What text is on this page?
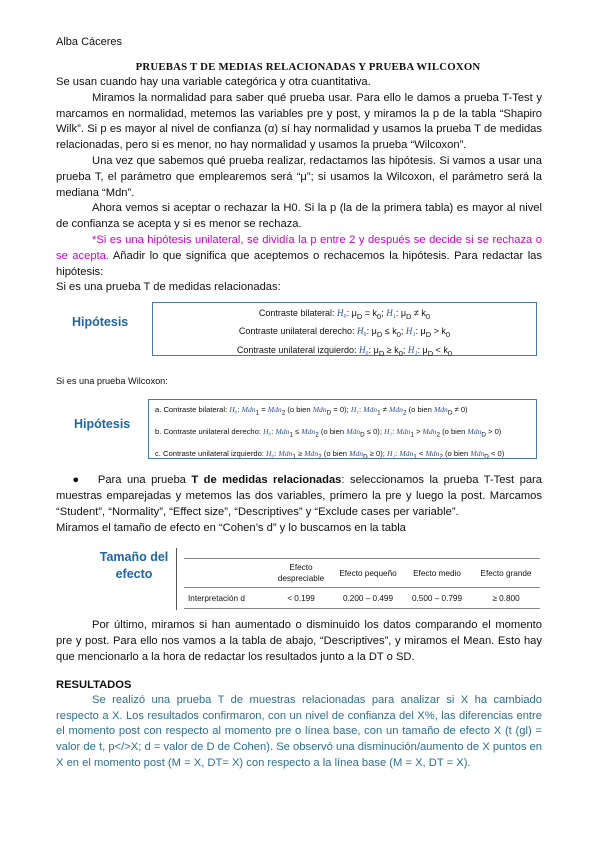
Alba Cáceres
PRUEBAS T DE MEDIAS RELACIONADAS Y PRUEBA WILCOXON

Se usan cuando hay una variable categórica y otra cuantitativa.

Miramos la normalidad para saber qué prueba usar. Para ello le damos a prueba T-Test y marcamos en normalidad, metemos las variables pre y post, y miramos la p de la tabla “Shapiro Wilk”. Si p es mayor al nivel de confianza (α) sí hay normalidad y usamos la prueba T de medidas relacionadas, pero si es menor, no hay normalidad y usamos la prueba “Wilcoxon”.

Una vez que sabemos qué prueba realizar, redactamos las hipótesis. Si vamos a usar una prueba T, el parámetro que emplearemos será “μ”; si usamos la Wilcoxon, el parámetro será la mediana “Mdn”.

Ahora vemos si aceptar o rechazar la H0. Si la p (la de la primera tabla) es mayor al nivel de confianza se acepta y si es menor se rechaza.

*Si es una hipótesis unilateral, se dividía la p entre 2 y después se decide si se rechaza o se acepta. Añadir lo que significa que aceptemos o rechacemos la hipótesis. Para redactar las hipótesis:

Si es una prueba T de medidas relacionadas:

Hipótesis
Contraste bilateral: H₀: $\mu_D = k_0$; H₁: $\mu_D \ne k_0$
Contraste unilateral derecho: H₀: $\mu_D \le k_0$; H₁: $\mu_D > k_0$
Contraste unilateral izquierdo: H₀: $\mu_D \ge k_0$; H₁: $\mu_D < k_0$
Si es una prueba Wilcoxon:
Hipótesis
a. Contraste bilateral: H₀: Mdn$_1$ = Mdn$_2$ (o bien Mdn$_D$ = 0); H₁: Mdn$_1$ ≠ Mdn$_2$ (o bien Mdn$_D$ ≠ 0)
b. Contraste unilateral derecho: H₀: Mdn$_1$ ≤ Mdn$_2$ (o bien Mdn$_D$ ≤ 0); H₁: Mdn$_1$ > Mdn$_2$ (o bien Mdn$_D$ > 0)
c. Contraste unilateral izquierdo: H₀: Mdn$_1$ ≥ Mdn$_2$ (o bien Mdn$_D$ ≥ 0); H₁: Mdn$_1$ < Mdn$_2$ (o bien Mdn$_D$ < 0)

● Para una prueba T de medidas relacionadas: seleccionamos la prueba T-Test para muestras emparejadas y metemos las dos variables, primero la pre y luego la post. Marcamos “Student”, “Normality”, “Effect size”, “Descriptives” y “Exclude cases per variable”.

Miramos el tamaño de efecto en “Cohen’s d” y lo buscamos en la tabla

Tamaño del efecto
		Efecto despreciable	Efecto pequeño	Efecto medio	Efecto grande
Interpretación d	< 0.199	0.200 – 0.499	0.500 – 0.799	≥ 0.800

Por último, miramos si han aumentado o disminuido los datos comparando el momento pre y post. Para ello nos vamos a la tabla de abajo, “Descriptives”, y miramos el Mean. Esto hay que mencionarlo a la hora de redactar los resultados junto a la DT o SD.

RESULTADOS

Se realizó una prueba T de muestras relacionadas para analizar si X ha cambiado respecto a X. Los resultados confirmaron, con un nivel de confianza del X%, las diferencias entre el momento post con respecto al momento pre o línea base, con un tamaño de efecto X (t (gl) = valor de t, p</>X; d = valor de D de Cohen). Se observó una disminución/aumento de X puntos en X en el momento post (M = X, DT= X) con respecto a la línea base (M = X, DT = X).
